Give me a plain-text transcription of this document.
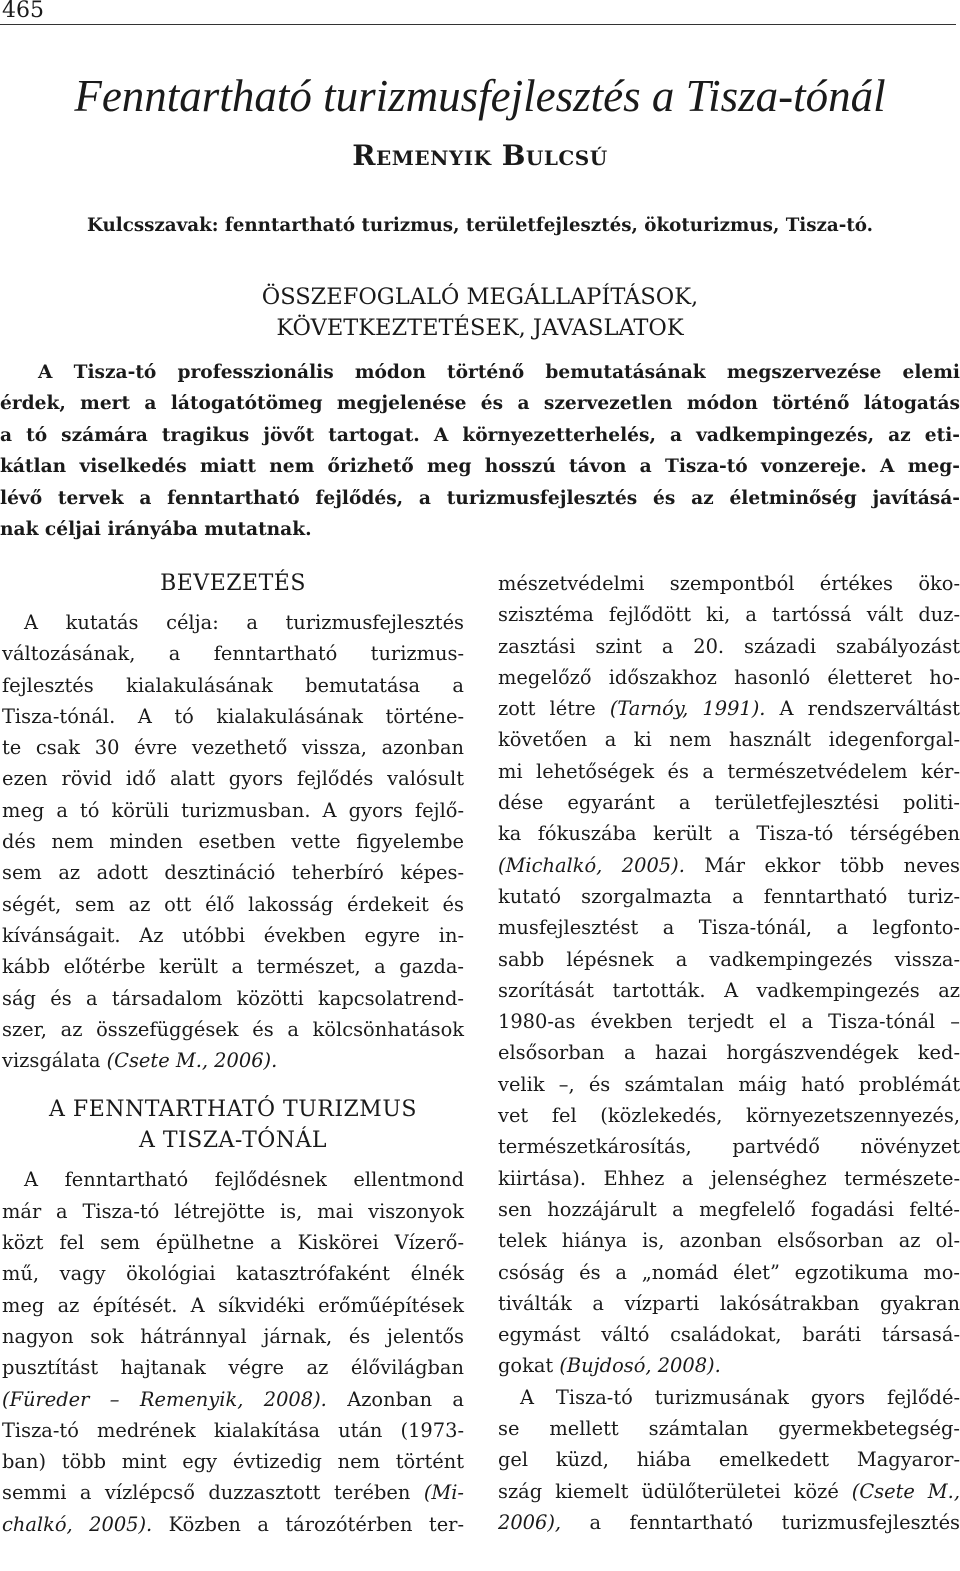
465
Fenntartható turizmusfejlesztés a Tisza-tónál
Remenyik Bulcsú
Kulcsszavak: fenntartható turizmus, területfejlesztés, ökoturizmus, Tisza-tó.
ÖSSZEFOGLALÓ MEGÁLLAPÍTÁSOK,
KÖVETKEZTETÉSEK, JAVASLATOK
A Tisza-tó professzionális módon történő bemutatásának megszervezése elemi
érdek, mert a látogatótömeg megjelenése és a szervezetlen módon történő látogatás
a tó számára tragikus jövőt tartogat. A környezetterhelés, a vadkempingezés, az eti-
kátlan viselkedés miatt nem őrizhető meg hosszú távon a Tisza-tó vonzereje. A meg-
lévő tervek a fenntartható fejlődés, a turizmusfejlesztés és az életminőség javításá-
nak céljai irányába mutatnak.
BEVEZETÉS
A kutatás célja: a turizmusfejlesztés
változásának, a fenntartható turizmus-
fejlesztés kialakulásának bemutatása a
Tisza-tónál. A tó kialakulásának történe-
te csak 30 évre vezethető vissza, azonban
ezen rövid idő alatt gyors fejlődés valósult
meg a tó körüli turizmusban. A gyors fejlő-
dés nem minden esetben vette figyelembe
sem az adott desztináció teherbíró képes-
ségét, sem az ott élő lakosság érdekeit és
kívánságait. Az utóbbi években egyre in-
kább előtérbe került a természet, a gazda-
ság és a társadalom közötti kapcsolatrend-
szer, az összefüggések és a kölcsönhatások
vizsgálata (Csete M., 2006).
A FENNTARTHATÓ TURIZMUS
A TISZA-TÓNÁL
A fenntartható fejlődésnek ellentmond
már a Tisza-tó létrejötte is, mai viszonyok
közt fel sem épülhetne a Kiskörei Vízerő-
mű, vagy ökológiai katasztrófaként élnék
meg az építését. A síkvidéki erőműépítések
nagyon sok hátránnyal járnak, és jelentős
pusztítást hajtanak végre az élővilágban
(Füreder – Remenyik, 2008). Azonban a
Tisza-tó medrének kialakítása után (1973-
ban) több mint egy évtizedig nem történt
semmi a vízlépcső duzzasztott terében (Mi-
chalkó, 2005). Közben a tározótérben ter-
mészetvédelmi szempontból értékes öko-
szisztéma fejlődött ki, a tartóssá vált duz-
zasztási szint a 20. századi szabályozást
megelőző időszakhoz hasonló életteret ho-
zott létre (Tarnóy, 1991). A rendszerváltást
követően a ki nem használt idegenforgal-
mi lehetőségek és a természetvédelem kér-
dése egyaránt a területfejlesztési politi-
ka fókuszába került a Tisza-tó térségében
(Michalkó, 2005). Már ekkor több neves
kutató szorgalmazta a fenntartható turiz-
musfejlesztést a Tisza-tónál, a legfonto-
sabb lépésnek a vadkempingezés vissza-
szorítását tartották. A vadkempingezés az
1980-as években terjedt el a Tisza-tónál –
elsősorban a hazai horgászvendégek ked-
velik –, és számtalan máig ható problémát
vet fel (közlekedés, környezetszennyezés,
természetkárosítás, partvédő növényzet
kiirtása). Ehhez a jelenséghez természete-
sen hozzájárult a megfelelő fogadási felté-
telek hiánya is, azonban elsősorban az ol-
csóság és a „nomád élet” egzotikuma mo-
tiválták a vízparti lakósátrakban gyakran
egymást váltó családokat, baráti társasá-
gokat (Bujdosó, 2008).
A Tisza-tó turizmusának gyors fejlődé-
se mellett számtalan gyermekbetegség-
gel küzd, hiába emelkedett Magyaror-
szág kiemelt üdülőterületei közé (Csete M.,
2006), a fenntartható turizmusfejlesztés
